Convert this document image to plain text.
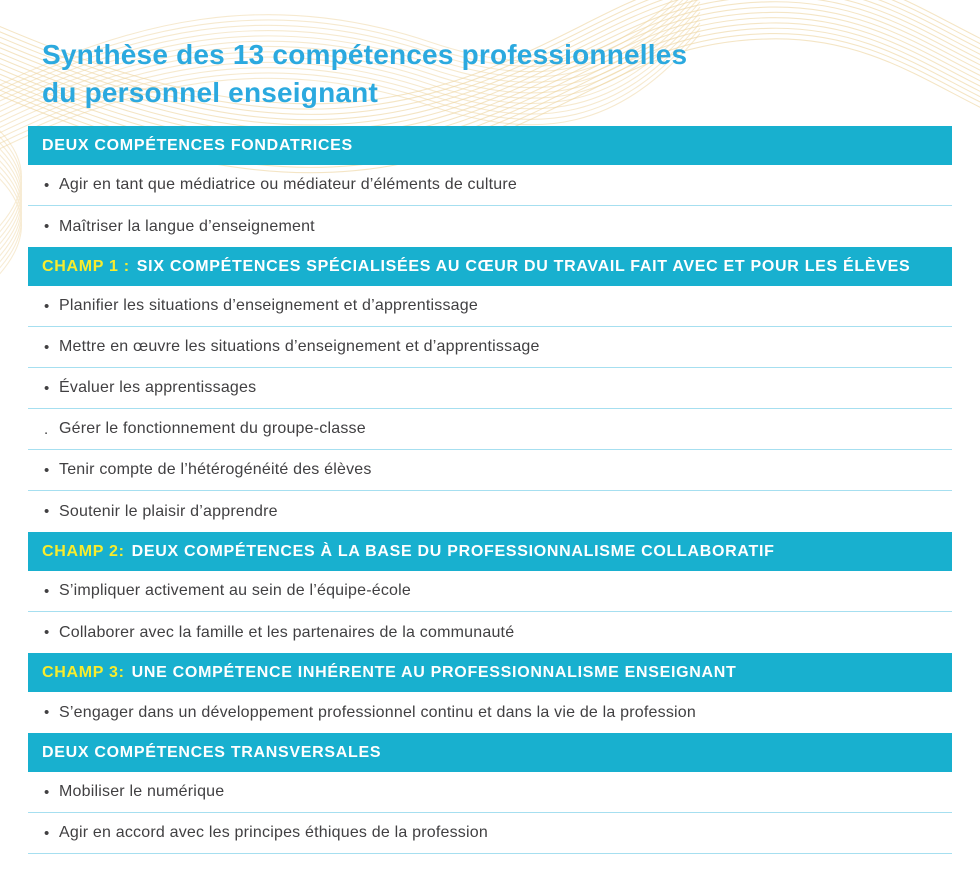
Synthèse des 13 compétences professionnelles
du personnel enseignant
DEUX COMPÉTENCES FONDATRICES
• Agir en tant que médiatrice ou médiateur d’éléments de culture
• Maîtriser la langue d’enseignement
CHAMP 1 : SIX COMPÉTENCES SPÉCIALISÉES AU CŒUR DU TRAVAIL FAIT AVEC ET POUR LES ÉLÈVES
• Planifier les situations d’enseignement et d’apprentissage
• Mettre en œuvre les situations d’enseignement et d’apprentissage
• Évaluer les apprentissages
. Gérer le fonctionnement du groupe-classe
• Tenir compte de l’hétérogénéité des élèves
• Soutenir le plaisir d’apprendre
CHAMP 2: DEUX COMPÉTENCES À LA BASE DU PROFESSIONNALISME COLLABORATIF
• S’impliquer activement au sein de l’équipe-école
• Collaborer avec la famille et les partenaires de la communauté
CHAMP 3: UNE COMPÉTENCE INHÉRENTE AU PROFESSIONNALISME ENSEIGNANT
• S’engager dans un développement professionnel continu et dans la vie de la profession
DEUX COMPÉTENCES TRANSVERSALES
• Mobiliser le numérique
• Agir en accord avec les principes éthiques de la profession
